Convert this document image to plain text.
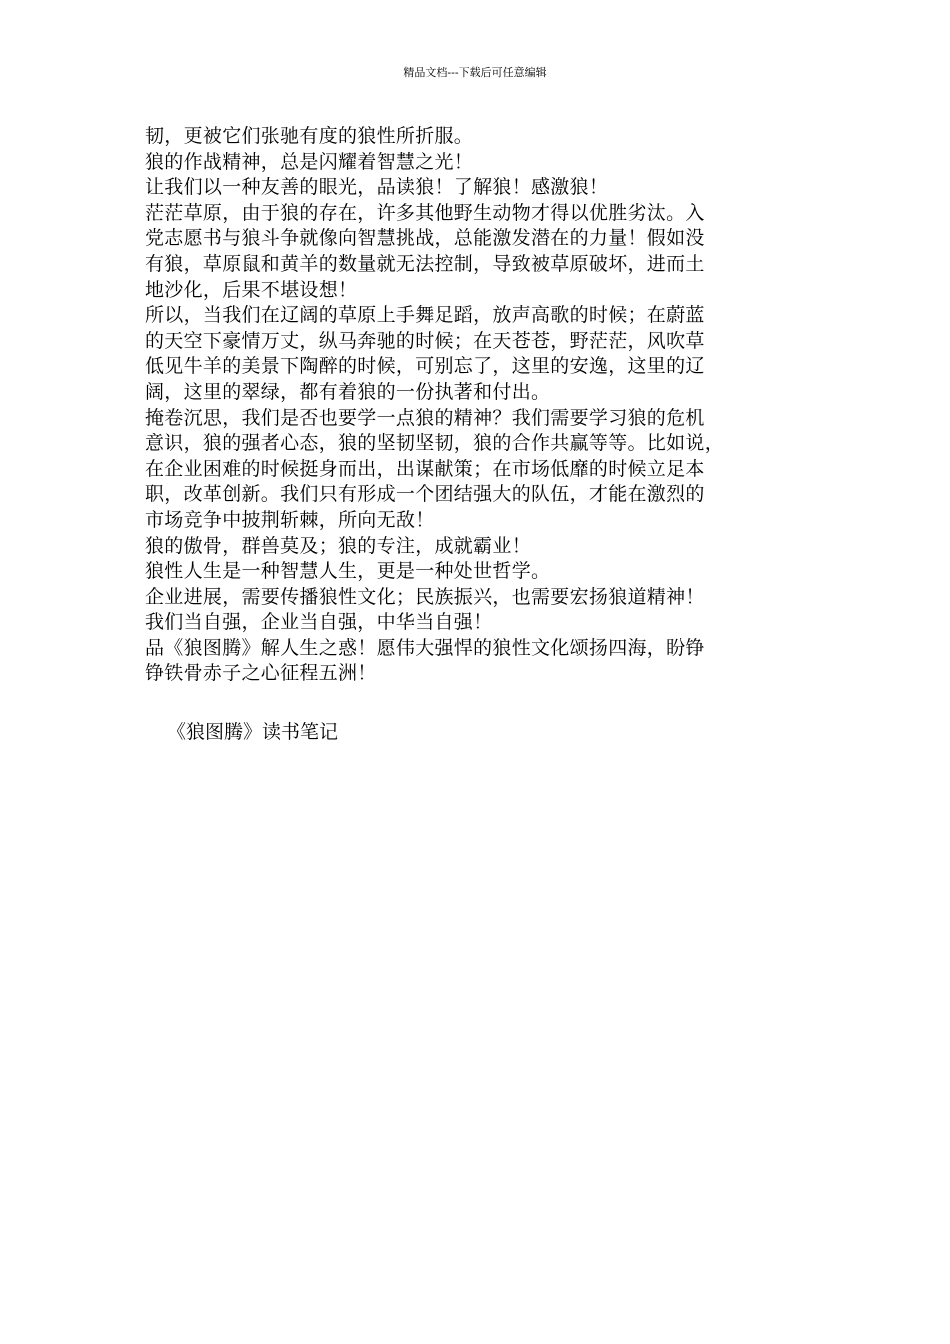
精品文档---下载后可任意编辑

韧，更被它们张驰有度的狼性所折服。

狼的作战精神，总是闪耀着智慧之光！

让我们以一种友善的眼光，品读狼！了解狼！感激狼！

茫茫草原，由于狼的存在，许多其他野生动物才得以优胜劣汰。入
党志愿书与狼斗争就像向智慧挑战，总能激发潜在的力量！假如没
有狼，草原鼠和黄羊的数量就无法控制，导致被草原破坏，进而土
地沙化，后果不堪设想！

所以，当我们在辽阔的草原上手舞足蹈，放声高歌的时候；在蔚蓝
的天空下豪情万丈，纵马奔驰的时候；在天苍苍，野茫茫，风吹草
低见牛羊的美景下陶醉的时候，可别忘了，这里的安逸，这里的辽
阔，这里的翠绿，都有着狼的一份执著和付出。

掩卷沉思，我们是否也要学一点狼的精神？我们需要学习狼的危机
意识，狼的强者心态，狼的坚韧坚韧，狼的合作共赢等等。比如说，
在企业困难的时候挺身而出，出谋献策；在市场低靡的时候立足本
职，改革创新。我们只有形成一个团结强大的队伍，才能在激烈的
市场竞争中披荆斩棘，所向无敌！

狼的傲骨，群兽莫及；狼的专注，成就霸业！

狼性人生是一种智慧人生，更是一种处世哲学。

企业进展，需要传播狼性文化；民族振兴，也需要宏扬狼道精神！
我们当自强，企业当自强，中华当自强！

品《狼图腾》解人生之惑！愿伟大强悍的狼性文化颂扬四海，盼铮
铮铁骨赤子之心征程五洲！

《狼图腾》读书笔记
